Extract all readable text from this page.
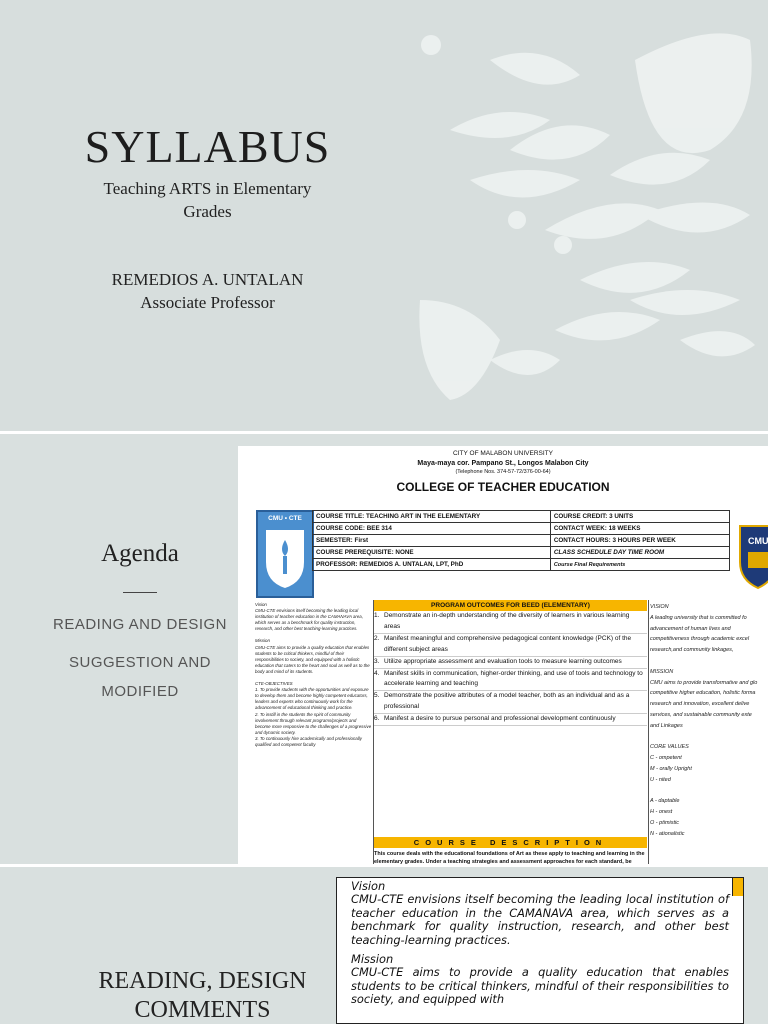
SYLLABUS
Teaching ARTS in Elementary Grades
REMEDIOS A. UNTALAN
Associate Professor
Agenda
READING AND DESIGN
SUGGESTION AND
MODIFIED
CITY OF MALABON UNIVERSITY
Maya-maya cor. Pampano St., Longos Malabon City
(Telephone Nos. 374-57-72/376-00-64)
COLLEGE OF TEACHER EDUCATION
CMU • CTE	COURSE TITLE: TEACHING ART IN THE ELEMENTARY	COURSE CREDIT: 3 UNITS
COURSE CODE: BEE 314	CONTACT WEEK: 18 WEEKS
SEMESTER: First	CONTACT HOURS: 3 HOURS PER WEEK
COURSE PREREQUISITE: NONE	CLASS SCHEDULE DAY TIME ROOM
PROFESSOR: REMEDIOS A. UNTALAN, LPT, PhD	Course Final Requirements
CMU
Vision
CMU-CTE envisions itself becoming the leading local institution of teacher education in the CAMANAVA area, which serves as a benchmark for quality instruction, research, and other best teaching-learning practices.
Mission
CMU-CTE aims to provide a quality education that enables students to be critical thinkers, mindful of their responsibilities to society, and equipped with a holistic education that caters to the heart and soul as well as to the body and mind of its students.
CTE-OBJECTIVES
1. To provide students with the opportunities and exposure to develop them and become highly competent educators, leaders and experts who continuously work for the advancement of educational thinking and practice.
2. To instill in the students the spirit of community involvement through relevant programs/projects and become more responsive to the challenges of a progressive and dynamic society.
3. To continuously hire academically and professionally qualified and competent faculty
PROGRAM OUTCOMES FOR BEED (ELEMENTARY)
1. Demonstrate an in-depth understanding of the diversity of learners in various learning areas
2. Manifest meaningful and comprehensive pedagogical content knowledge (PCK) of the different subject areas
3. Utilize appropriate assessment and evaluation tools to measure learning outcomes
4. Manifest skills in communication, higher-order thinking, and use of tools and technology to accelerate learning and teaching
5. Demonstrate the positive attributes of a model teacher, both as an individual and as a professional
6. Manifest a desire to pursue personal and professional development continuously
COURSE DESCRIPTION
This course deals with the educational foundations of Art as these apply to teaching and learning in the elementary grades. Under a teaching strategies and assessment approaches for each standard, be
VISION
A leading university that is committed fo
advancement of human lives and
competitiveness through academic excel
research,and community linkages,
MISSION
CMU aims to provide transformative and glo
competitive higher education, holistic forma
research and innovation, excellent delive
services, and sustainable community exte
and Linkages
CORE VALUES
C - ompetent
M - orally Upright
U - nited
A - daptable
H - onest
O - ptimistic
N - ationalistic
READING, DESIGN COMMENTS
Vision
CMU-CTE envisions itself becoming the leading local institution of teacher education in the CAMANAVA area, which serves as a benchmark for quality instruction, research, and other best teaching-learning practices.
Mission
CMU-CTE aims to provide a quality education that enables students to be critical thinkers, mindful of their responsibilities to society, and equipped with
